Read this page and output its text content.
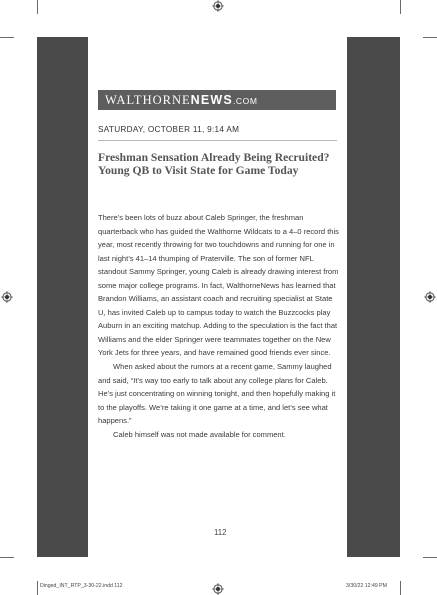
WALTHORNENEWS.COM
SATURDAY, OCTOBER 11, 9:14 AM
Freshman Sensation Already Being Recruited? Young QB to Visit State for Game Today

There’s been lots of buzz about Caleb Springer, the freshman quarterback who has guided the Walthorne Wildcats to a 4–0 record this year, most recently throwing for two touchdowns and running for one in last night’s 41–14 thumping of Praterville. The son of former NFL standout Sammy Springer, young Caleb is already drawing interest from some major college programs. In fact, WalthorneNews has learned that Brandon Williams, an assistant coach and recruiting specialist at State U, has invited Caleb up to campus today to watch the Buzzcocks play Auburn in an exciting matchup. Adding to the speculation is the fact that Williams and the elder Springer were teammates together on the New York Jets for three years, and have remained good friends ever since.

When asked about the rumors at a recent game, Sammy laughed and said, “It’s way too early to talk about any college plans for Caleb. He’s just concentrating on winning tonight, and then hopefully making it to the playoffs. We’re taking it one game at a time, and let’s see what happens.”

Caleb himself was not made available for comment.

112
Dinged_INT_RTP_3-30-22.indd 112	3/30/22 12:49 PM
